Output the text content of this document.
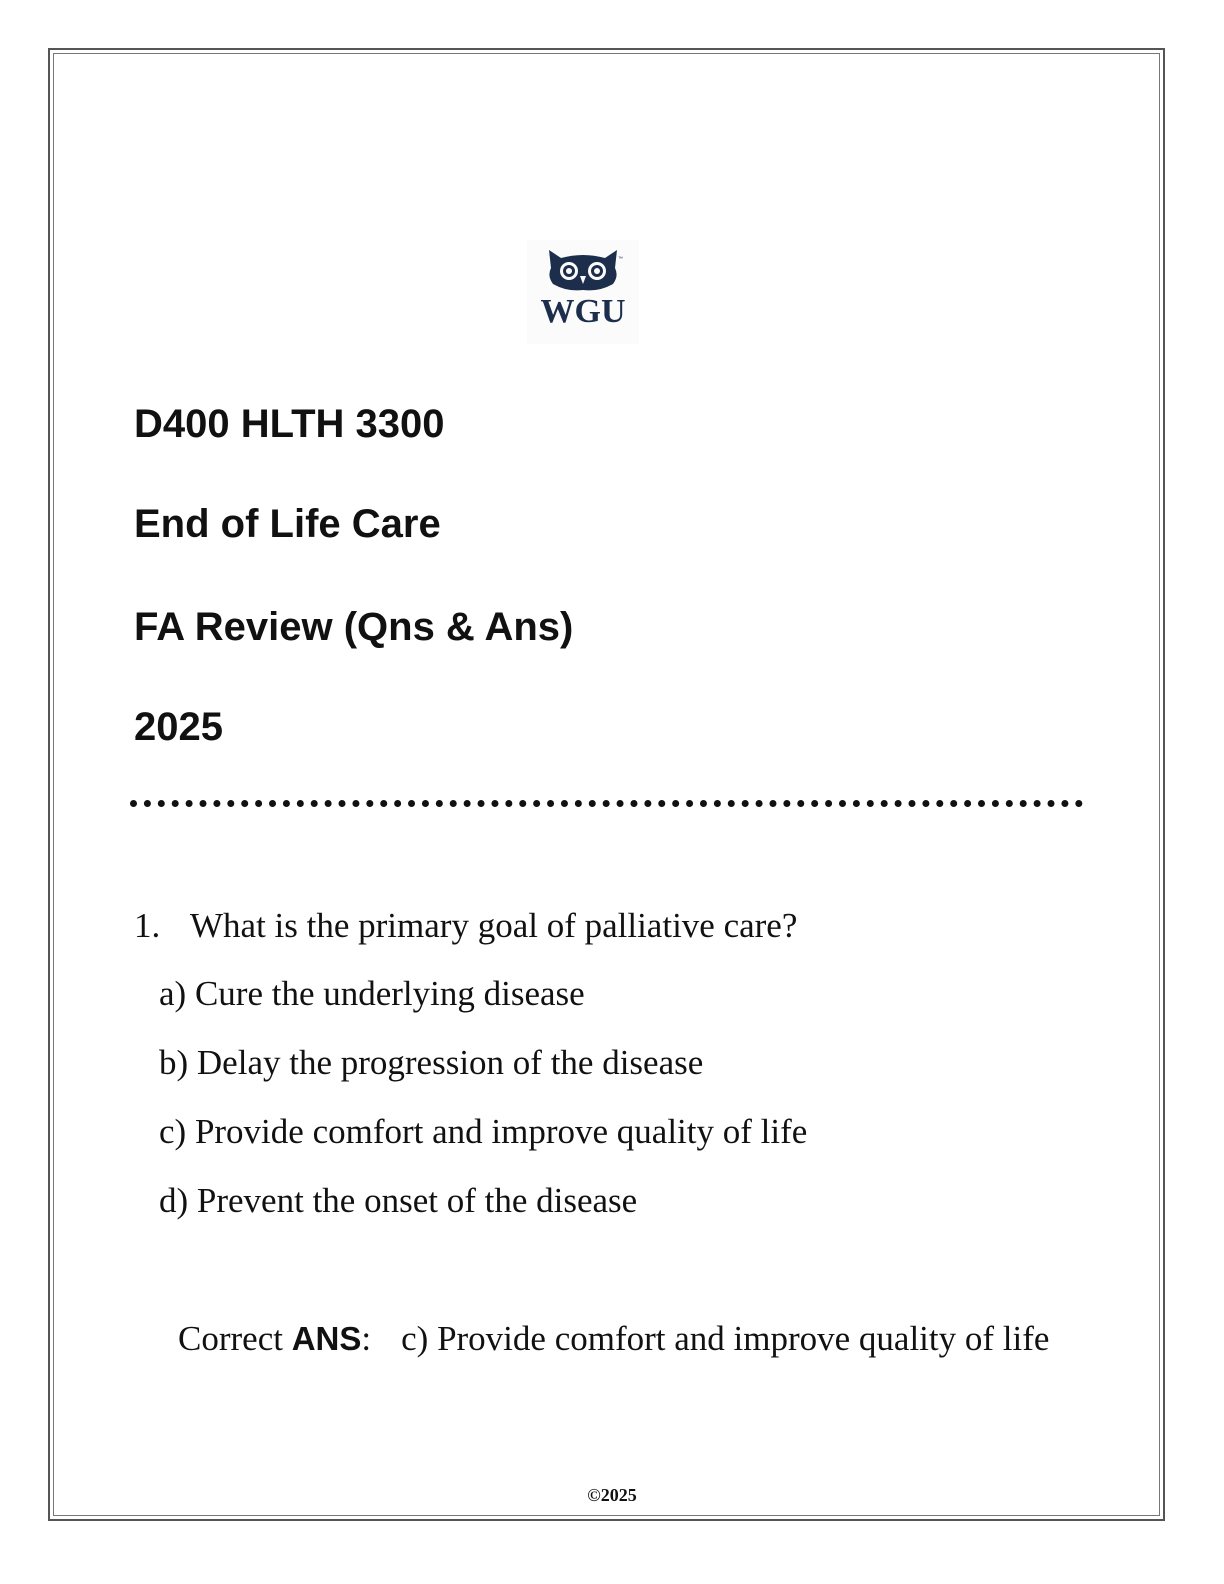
™
WGU
D400 HLTH 3300
End of Life Care
FA Review (Qns & Ans)
2025

1. What is the primary goal of palliative care?

a) Cure the underlying disease

b) Delay the progression of the disease

c) Provide comfort and improve quality of life

d) Prevent the onset of the disease

Correct ANS: c) Provide comfort and improve quality of life

©2025
